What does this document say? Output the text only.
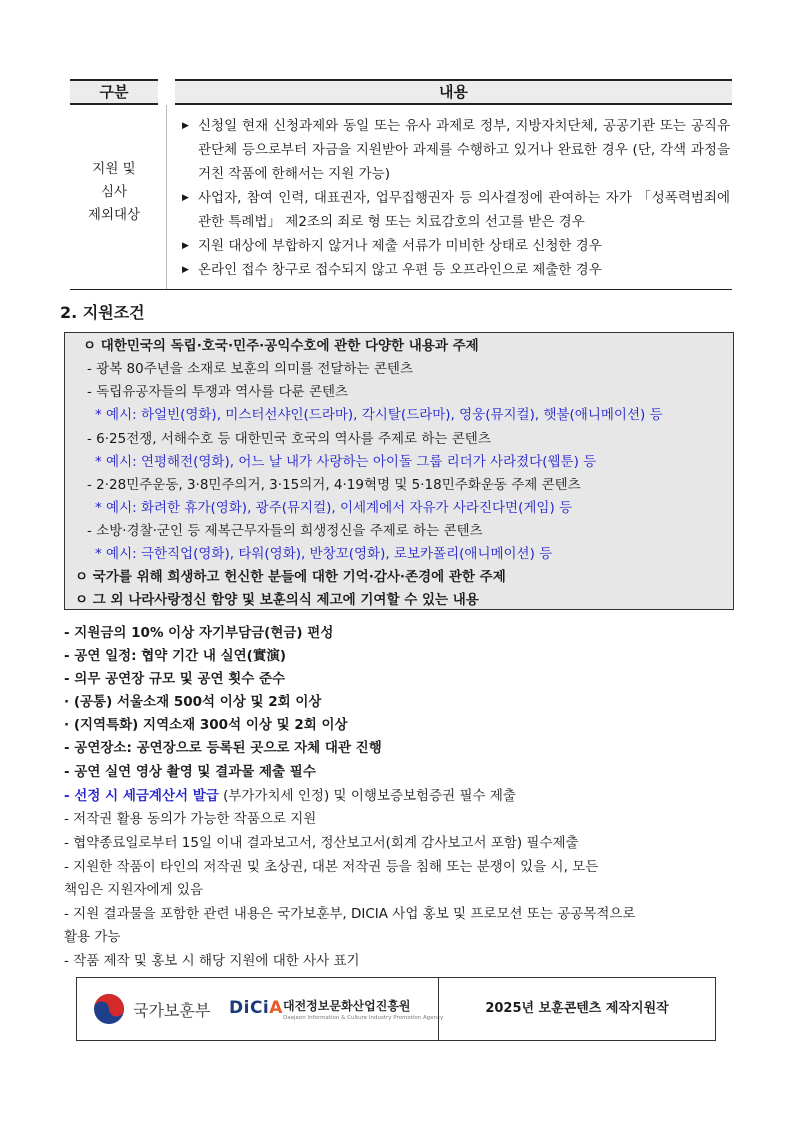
구분	내용
지원 및
심사
제외대상
▶ 신청일 현재 신청과제와 동일 또는 유사 과제로 정부, 지방자치단체, 공공기관 또는 공직유관단체 등으로부터 자금을 지원받아 과제를 수행하고 있거나 완료한 경우 (단, 각색 과정을 거친 작품에 한해서는 지원 가능)
▶ 사업자, 참여 인력, 대표권자, 업무집행권자 등 의사결정에 관여하는 자가 「성폭력범죄에 관한 특례법」 제2조의 죄로 형 또는 치료감호의 선고를 받은 경우
▶ 지원 대상에 부합하지 않거나 제출 서류가 미비한 상태로 신청한 경우
▶ 온라인 접수 창구로 접수되지 않고 우편 등 오프라인으로 제출한 경우
2. 지원조건
ㅇ 대한민국의 독립·호국·민주·공익수호에 관한 다양한 내용과 주제
- 광복 80주년을 소재로 보훈의 의미를 전달하는 콘텐츠
- 독립유공자들의 투쟁과 역사를 다룬 콘텐츠
* 예시: 하얼빈(영화), 미스터선샤인(드라마), 각시탈(드라마), 영웅(뮤지컬), 햇불(애니메이션) 등
- 6·25전쟁, 서해수호 등 대한민국 호국의 역사를 주제로 하는 콘텐츠
* 예시: 연평해전(영화), 어느 날 내가 사랑하는 아이돌 그룹 리더가 사라졌다(웹툰) 등
- 2·28민주운동, 3·8민주의거, 3·15의거, 4·19혁명 및 5·18민주화운동 주제 콘텐츠
* 예시: 화려한 휴가(영화), 광주(뮤지컬), 이세계에서 자유가 사라진다면(게임) 등
- 소방·경찰·군인 등 제복근무자들의 희생정신을 주제로 하는 콘텐츠
* 예시: 극한직업(영화), 타워(영화), 반창꼬(영화), 로보카폴리(애니메이션) 등
ㅇ 국가를 위해 희생하고 헌신한 분들에 대한 기억·감사·존경에 관한 주제
ㅇ 그 외 나라사랑정신 함양 및 보훈의식 제고에 기여할 수 있는 내용
- 지원금의 10% 이상 자기부담금(현금) 편성
- 공연 일정: 협약 기간 내 실연(實演)
- 의무 공연장 규모 및 공연 횟수 준수
· (공통) 서울소재 500석 이상 및 2회 이상
· (지역특화) 지역소재 300석 이상 및 2회 이상
- 공연장소: 공연장으로 등록된 곳으로 자체 대관 진행
- 공연 실연 영상 촬영 및 결과물 제출 필수
- 선정 시 세금계산서 발급 (부가가치세 인정) 및 이행보증보험증권 필수 제출
- 저작권 활용 동의가 가능한 작품으로 지원
- 협약종료일로부터 15일 이내 결과보고서, 정산보고서(회계 감사보고서 포함) 필수제출
- 지원한 작품이 타인의 저작권 및 초상권, 대본 저작권 등을 침해 또는 분쟁이 있을 시, 모든
책임은 지원자에게 있음
- 지원 결과물을 포함한 관련 내용은 국가보훈부, DICIA 사업 홍보 및 프로모션 또는 공공목적으로
활용 가능
- 작품 제작 및 홍보 시 해당 지원에 대한 사사 표기
국가보훈부 DiCiA 대전정보문화산업진흥원
Daejeon Information & Culture Industry Promotion Agency
2025년 보훈콘텐츠 제작지원작
